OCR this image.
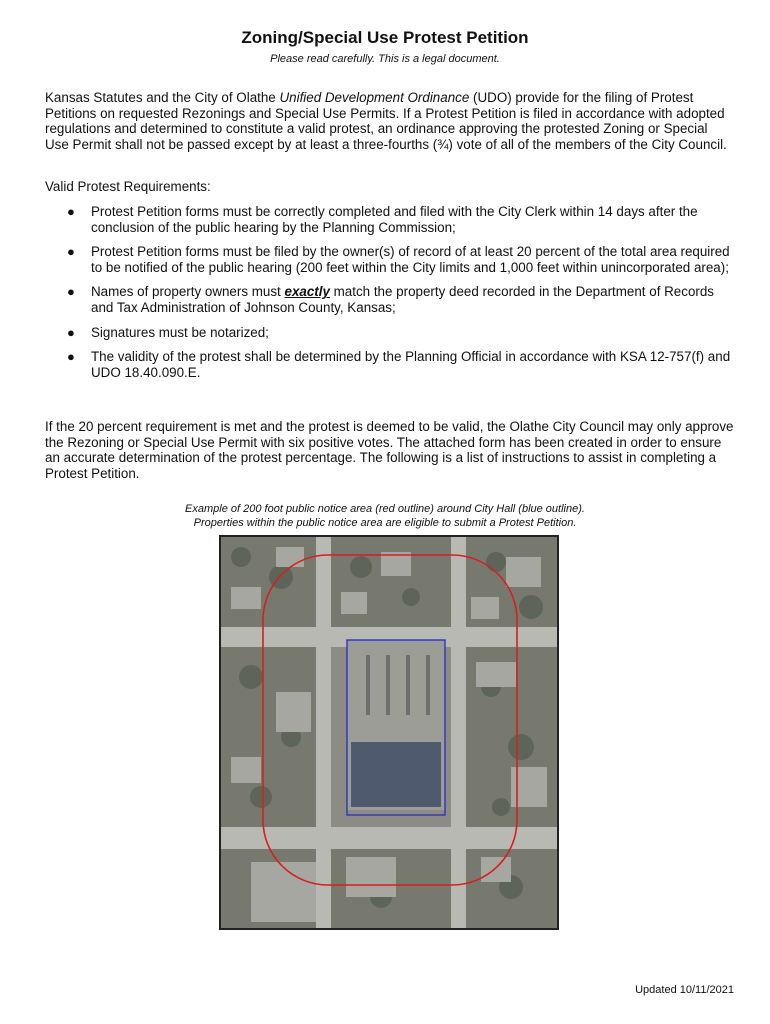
Zoning/Special Use Protest Petition
Please read carefully. This is a legal document.

Kansas Statutes and the City of Olathe Unified Development Ordinance (UDO) provide for the filing of Protest Petitions on requested Rezonings and Special Use Permits. If a Protest Petition is filed in accordance with adopted regulations and determined to constitute a valid protest, an ordinance approving the protested Zoning or Special Use Permit shall not be passed except by at least a three-fourths (¾) vote of all of the members of the City Council.

Valid Protest Requirements:

● Protest Petition forms must be correctly completed and filed with the City Clerk within 14 days after the conclusion of the public hearing by the Planning Commission;
● Protest Petition forms must be filed by the owner(s) of record of at least 20 percent of the total area required to be notified of the public hearing (200 feet within the City limits and 1,000 feet within unincorporated area);
● Names of property owners must exactly match the property deed recorded in the Department of Records and Tax Administration of Johnson County, Kansas;
● Signatures must be notarized;
● The validity of the protest shall be determined by the Planning Official in accordance with KSA 12-757(f) and UDO 18.40.090.E.

If the 20 percent requirement is met and the protest is deemed to be valid, the Olathe City Council may only approve the Rezoning or Special Use Permit with six positive votes. The attached form has been created in order to ensure an accurate determination of the protest percentage. The following is a list of instructions to assist in completing a Protest Petition.

Example of 200 foot public notice area (red outline) around City Hall (blue outline).
Properties within the public notice area are eligible to submit a Protest Petition.
Updated 10/11/2021
